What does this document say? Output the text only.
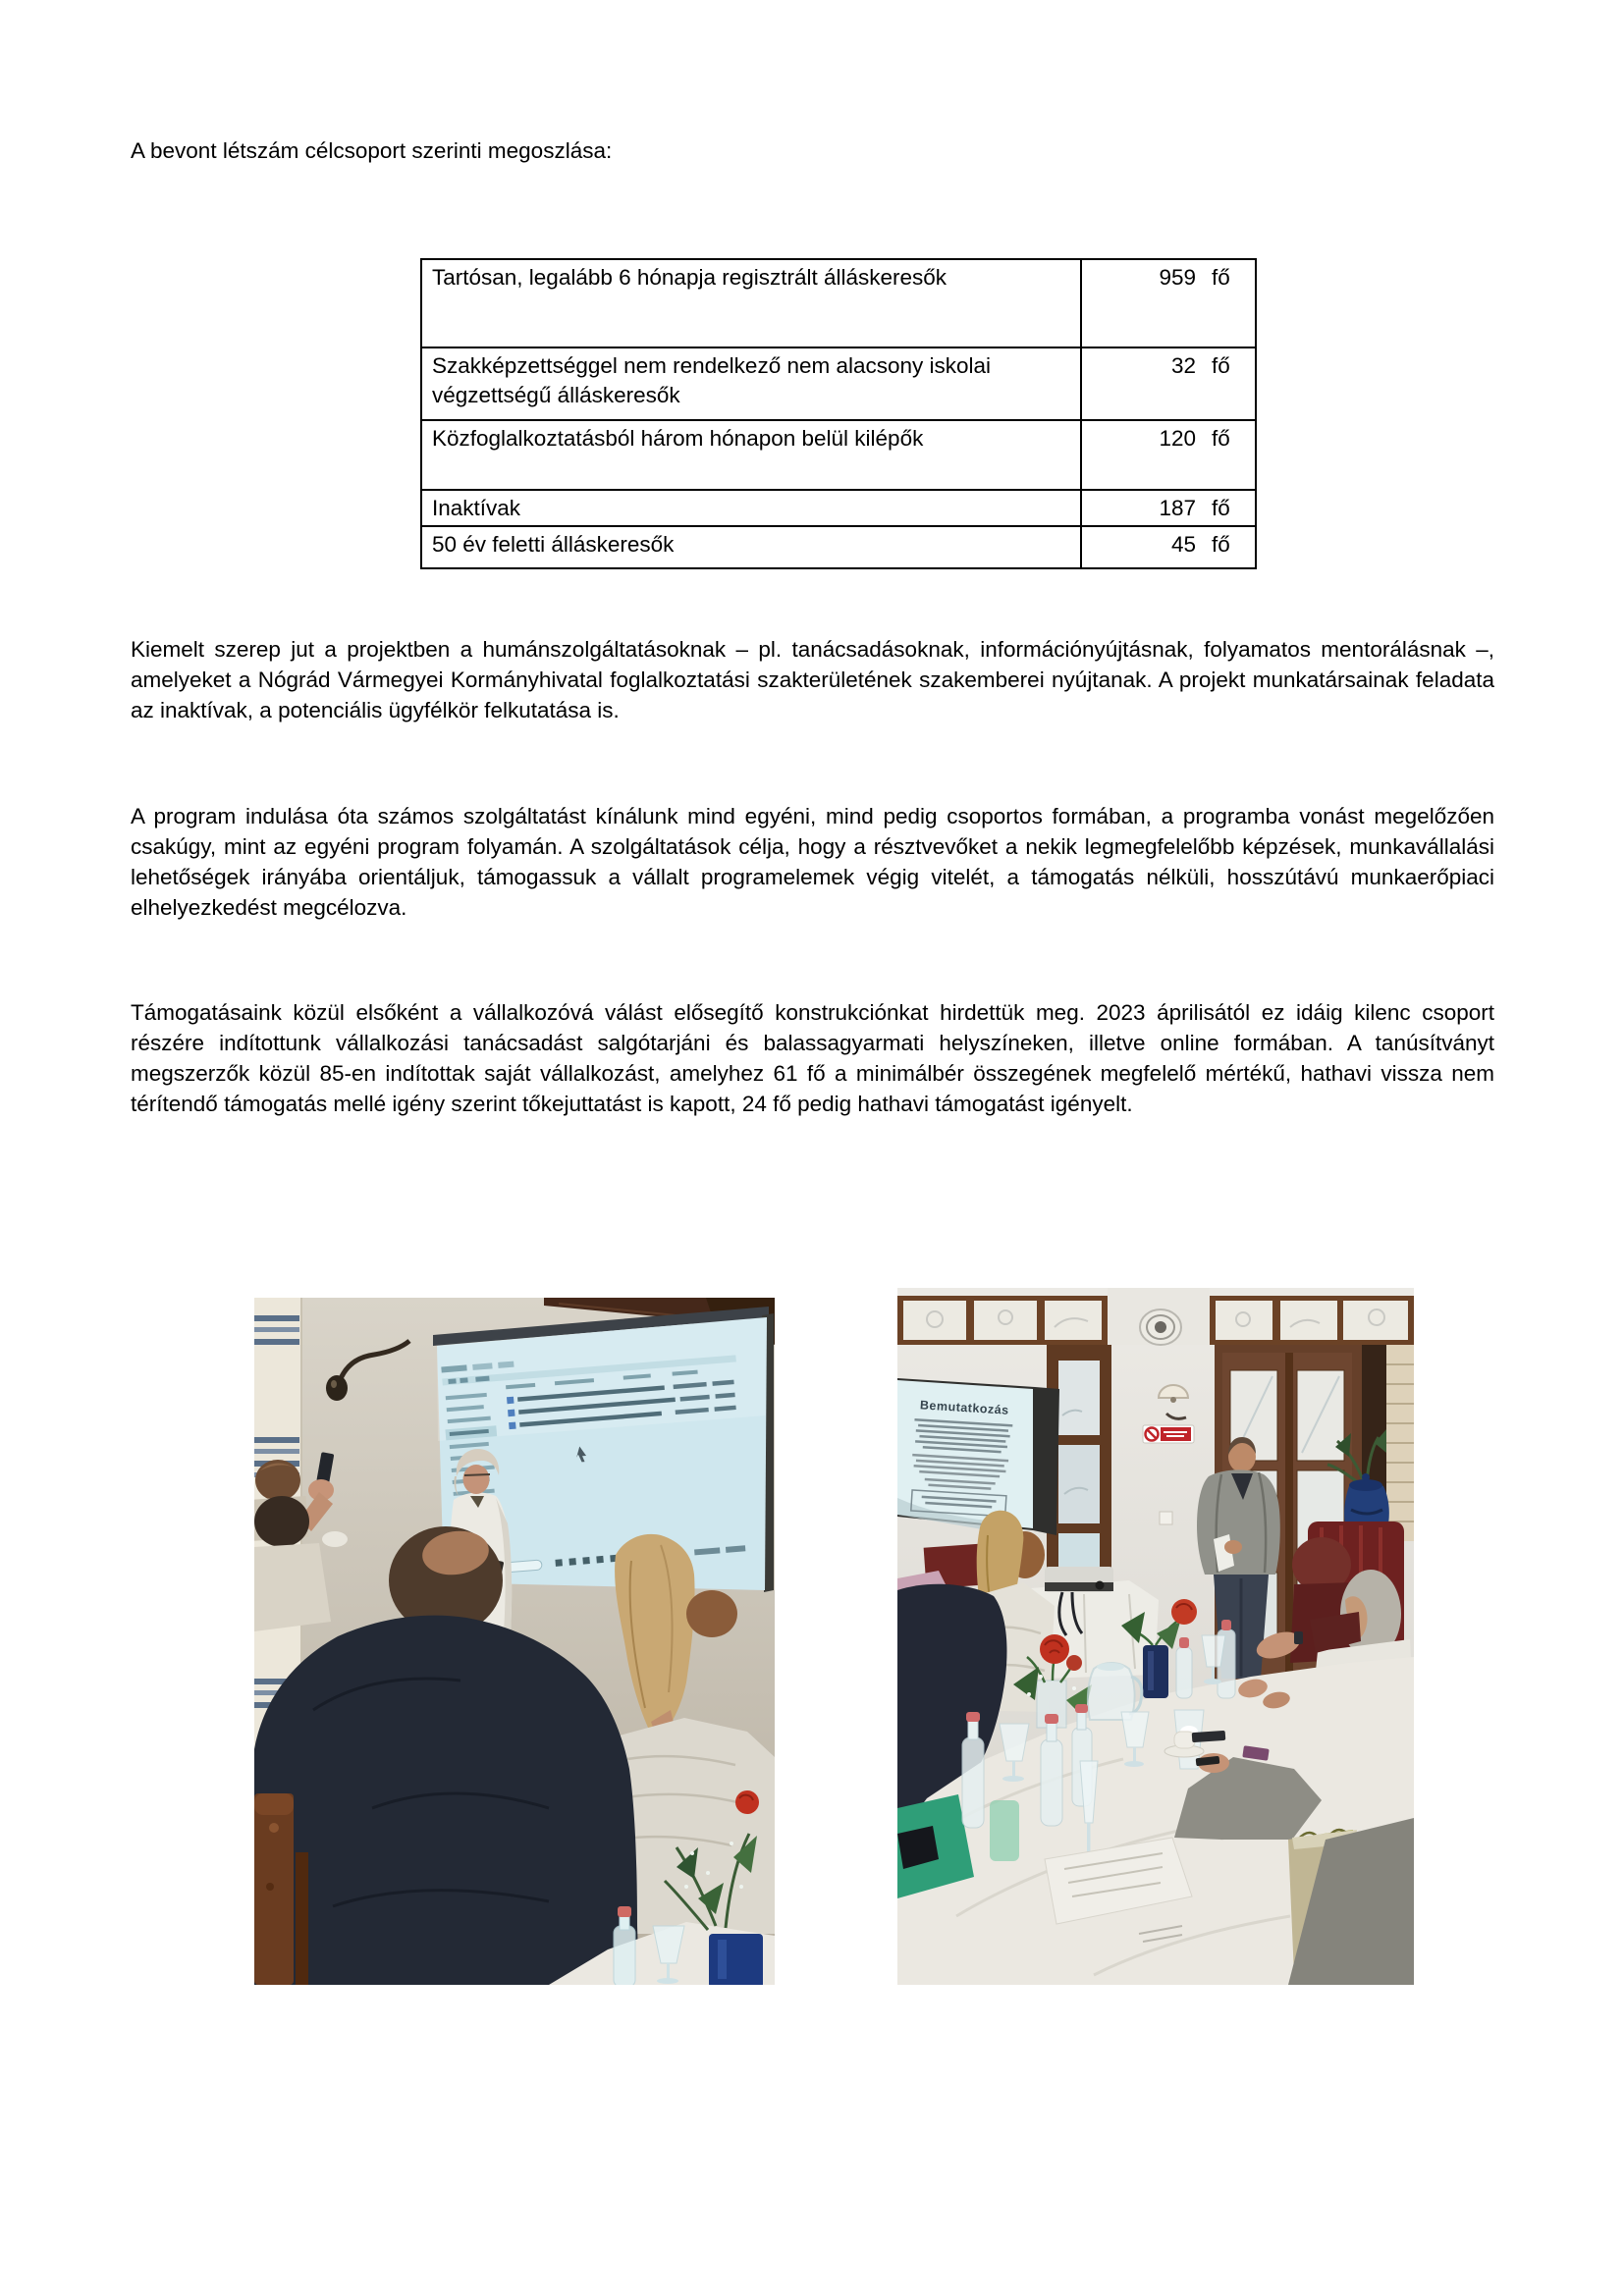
A bevont létszám célcsoport szerinti megoszlása:
Tartósan, legalább 6 hónapja regisztrált álláskeresők	959 fő

Szakképzettséggel nem rendelkező nem alacsony iskolai végzettségű álláskeresők	32 fő

Közfoglalkoztatásból három hónapon belül kilépők	120 fő

Inaktívak	187 fő

50 év feletti álláskeresők	45 fő
Kiemelt szerep jut a projektben a humánszolgáltatásoknak – pl. tanácsadásoknak, információnyújtásnak, folyamatos mentorálásnak –, amelyeket a Nógrád Vármegyei Kormányhivatal foglalkoztatási szakterületének szakemberei nyújtanak. A projekt munkatársainak feladata az inaktívak, a potenciális ügyfélkör felkutatása is.
A program indulása óta számos szolgáltatást kínálunk mind egyéni, mind pedig csoportos formában, a programba vonást megelőzően csakúgy, mint az egyéni program folyamán. A szolgáltatások célja, hogy a résztvevőket a nekik legmegfelelőbb képzések, munkavállalási lehetőségek irányába orientáljuk, támogassuk a vállalt programelemek végig vitelét, a támogatás nélküli, hosszútávú munkaerőpiaci elhelyezkedést megcélozva.
Támogatásaink közül elsőként a vállalkozóvá válást elősegítő konstrukciónkat hirdettük meg. 2023 áprilisától ez idáig kilenc csoport részére indítottunk vállalkozási tanácsadást salgótarjáni és balassagyarmati helyszíneken, illetve online formában. A tanúsítványt megszerzők közül 85-en indítottak saját vállalkozást, amelyhez 61 fő a minimálbér összegének megfelelő mértékű, hathavi vissza nem térítendő támogatás mellé igény szerint tőkejuttatást is kapott, 24 fő pedig hathavi támogatást igényelt.
Bemutatkozás
